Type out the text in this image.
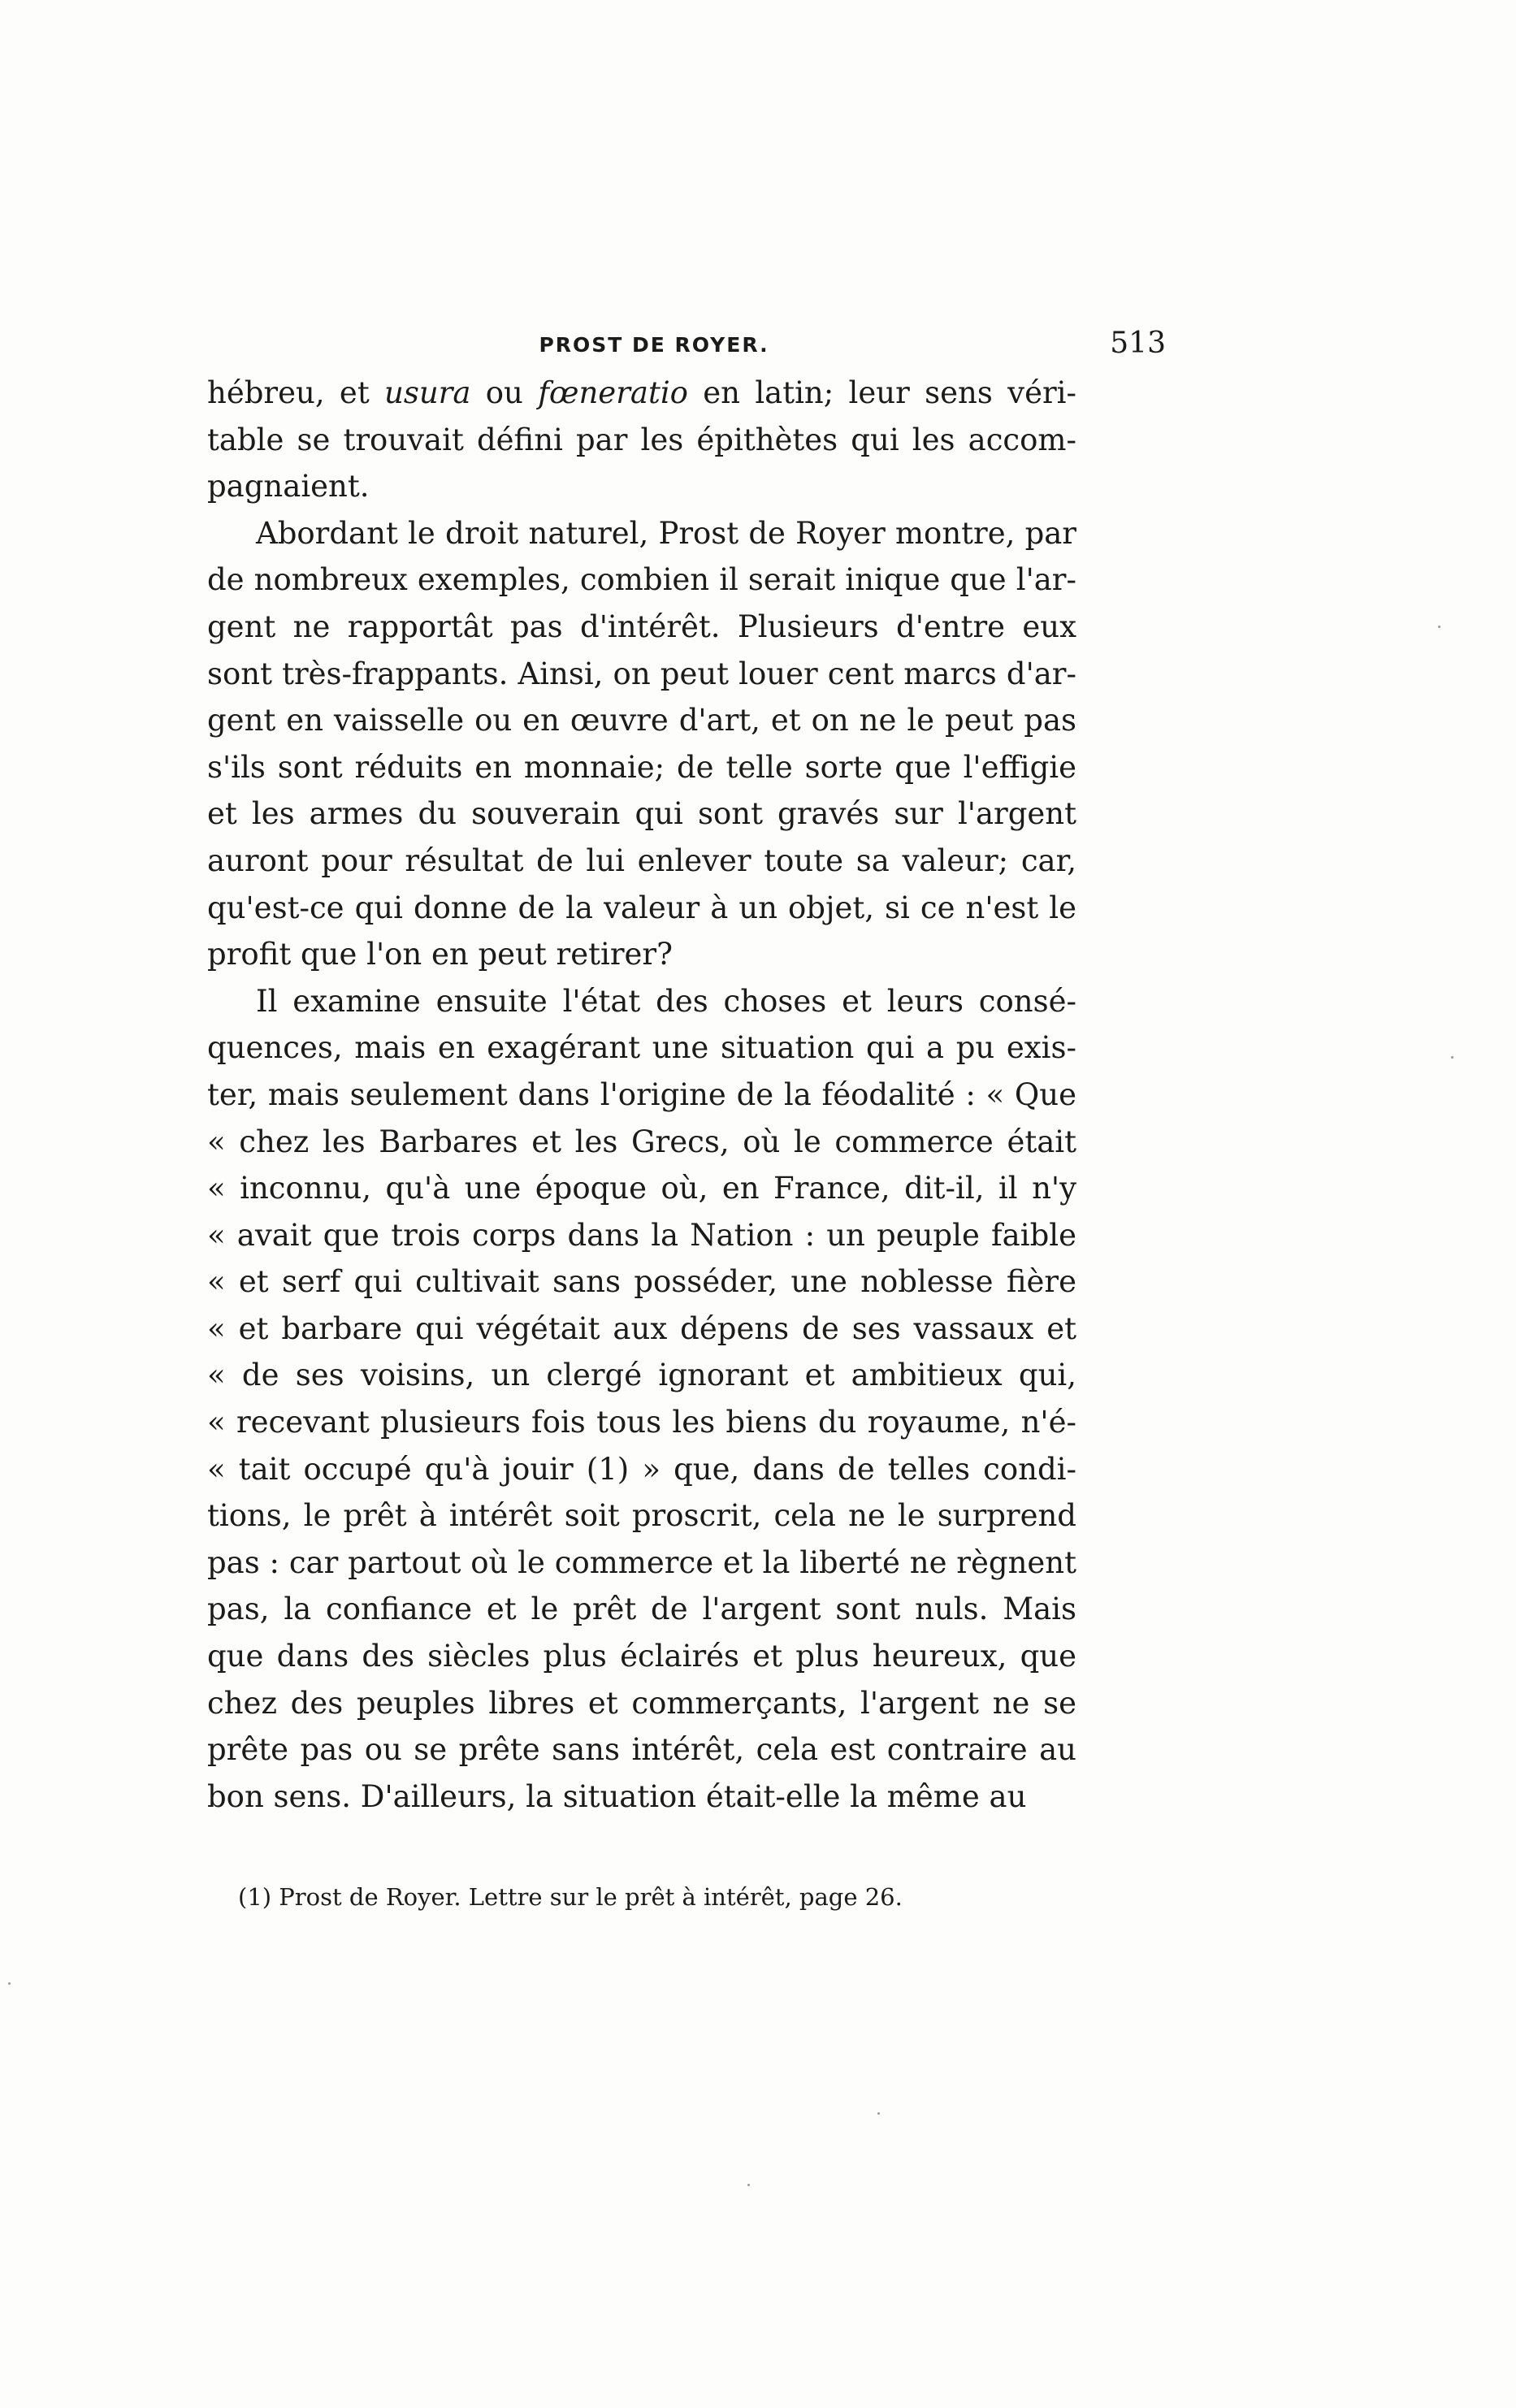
PROST DE ROYER.	513
hébreu, et usura ou fœneratio en latin; leur sens véri-
table se trouvait défini par les épithètes qui les accom-
pagnaient.
Abordant le droit naturel, Prost de Royer montre, par
de nombreux exemples, combien il serait inique que l'ar-
gent ne rapportât pas d'intérêt. Plusieurs d'entre eux
sont très-frappants. Ainsi, on peut louer cent marcs d'ar-
gent en vaisselle ou en œuvre d'art, et on ne le peut pas
s'ils sont réduits en monnaie; de telle sorte que l'effigie
et les armes du souverain qui sont gravés sur l'argent
auront pour résultat de lui enlever toute sa valeur; car,
qu'est-ce qui donne de la valeur à un objet, si ce n'est le
profit que l'on en peut retirer?
Il examine ensuite l'état des choses et leurs consé-
quences, mais en exagérant une situation qui a pu exis-
ter, mais seulement dans l'origine de la féodalité : « Que
« chez les Barbares et les Grecs, où le commerce était
« inconnu, qu'à une époque où, en France, dit-il, il n'y
« avait que trois corps dans la Nation : un peuple faible
« et serf qui cultivait sans posséder, une noblesse fière
« et barbare qui végétait aux dépens de ses vassaux et
« de ses voisins, un clergé ignorant et ambitieux qui,
« recevant plusieurs fois tous les biens du royaume, n'é-
« tait occupé qu'à jouir (1) » que, dans de telles condi-
tions, le prêt à intérêt soit proscrit, cela ne le surprend
pas : car partout où le commerce et la liberté ne règnent
pas, la confiance et le prêt de l'argent sont nuls. Mais
que dans des siècles plus éclairés et plus heureux, que
chez des peuples libres et commerçants, l'argent ne se
prête pas ou se prête sans intérêt, cela est contraire au
bon sens. D'ailleurs, la situation était-elle la même au
(1) Prost de Royer. Lettre sur le prêt à intérêt, page 26.
